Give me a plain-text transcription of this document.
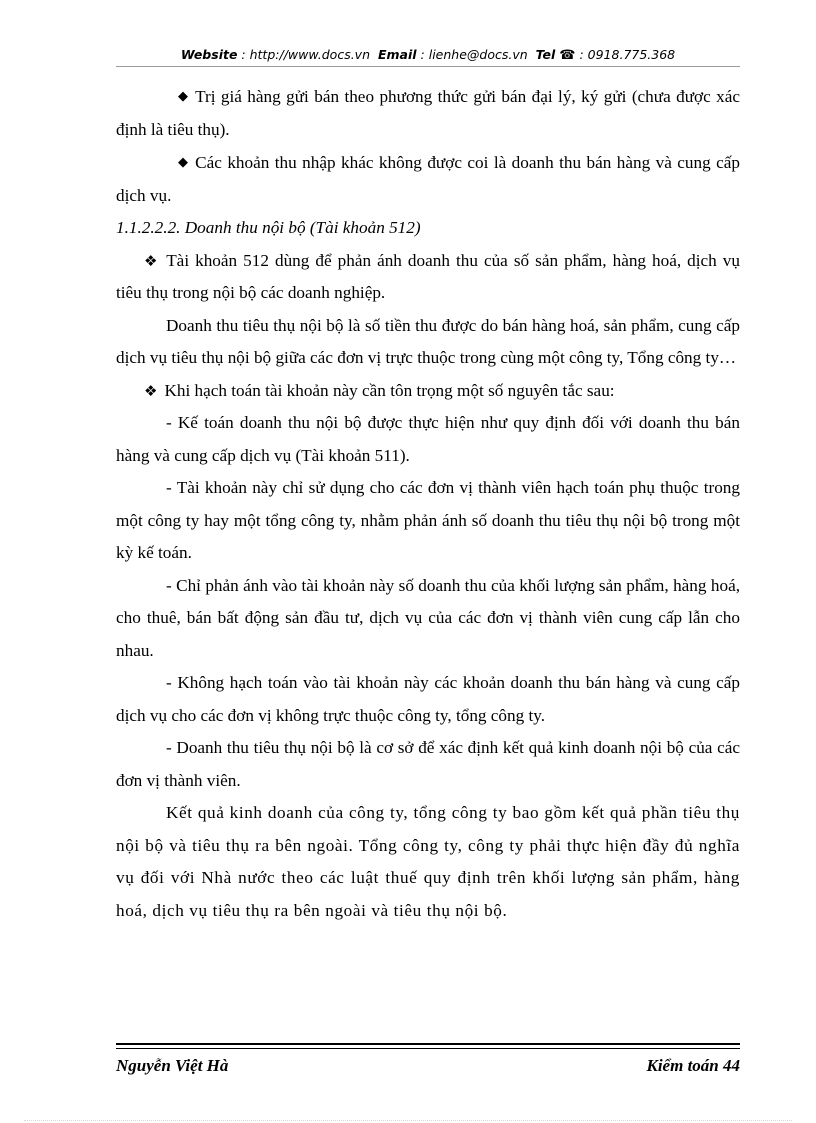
Website : http://www.docs.vn Email : lienhe@docs.vn Tel ☎ : 0918.775.368

◆ Trị giá hàng gửi bán theo phương thức gửi bán đại lý, ký gửi (chưa được xác định là tiêu thụ).

◆ Các khoản thu nhập khác không được coi là doanh thu bán hàng và cung cấp dịch vụ.

1.1.2.2.2. Doanh thu nội bộ (Tài khoản 512)

❖ Tài khoản 512 dùng để phản ánh doanh thu của số sản phẩm, hàng hoá, dịch vụ tiêu thụ trong nội bộ các doanh nghiệp.

Doanh thu tiêu thụ nội bộ là số tiền thu được do bán hàng hoá, sản phẩm, cung cấp dịch vụ tiêu thụ nội bộ giữa các đơn vị trực thuộc trong cùng một công ty, Tổng công ty…

❖ Khi hạch toán tài khoản này cần tôn trọng một số nguyên tắc sau:

- Kế toán doanh thu nội bộ được thực hiện như quy định đối với doanh thu bán hàng và cung cấp dịch vụ (Tài khoản 511).

- Tài khoản này chỉ sử dụng cho các đơn vị thành viên hạch toán phụ thuộc trong một công ty hay một tổng công ty, nhằm phản ánh số doanh thu tiêu thụ nội bộ trong một kỳ kế toán.

- Chỉ phản ánh vào tài khoản này số doanh thu của khối lượng sản phẩm, hàng hoá, cho thuê, bán bất động sản đầu tư, dịch vụ của các đơn vị thành viên cung cấp lẫn cho nhau.

- Không hạch toán vào tài khoản này các khoản doanh thu bán hàng và cung cấp dịch vụ cho các đơn vị không trực thuộc công ty, tổng công ty.

- Doanh thu tiêu thụ nội bộ là cơ sở để xác định kết quả kinh doanh nội bộ của các đơn vị thành viên.

Kết quả kinh doanh của công ty, tổng công ty bao gồm kết quả phần tiêu thụ nội bộ và tiêu thụ ra bên ngoài. Tổng công ty, công ty phải thực hiện đầy đủ nghĩa vụ đối với Nhà nước theo các luật thuế quy định trên khối lượng sản phẩm, hàng hoá, dịch vụ tiêu thụ ra bên ngoài và tiêu thụ nội bộ.

Nguyễn Việt Hà	Kiểm toán 44
